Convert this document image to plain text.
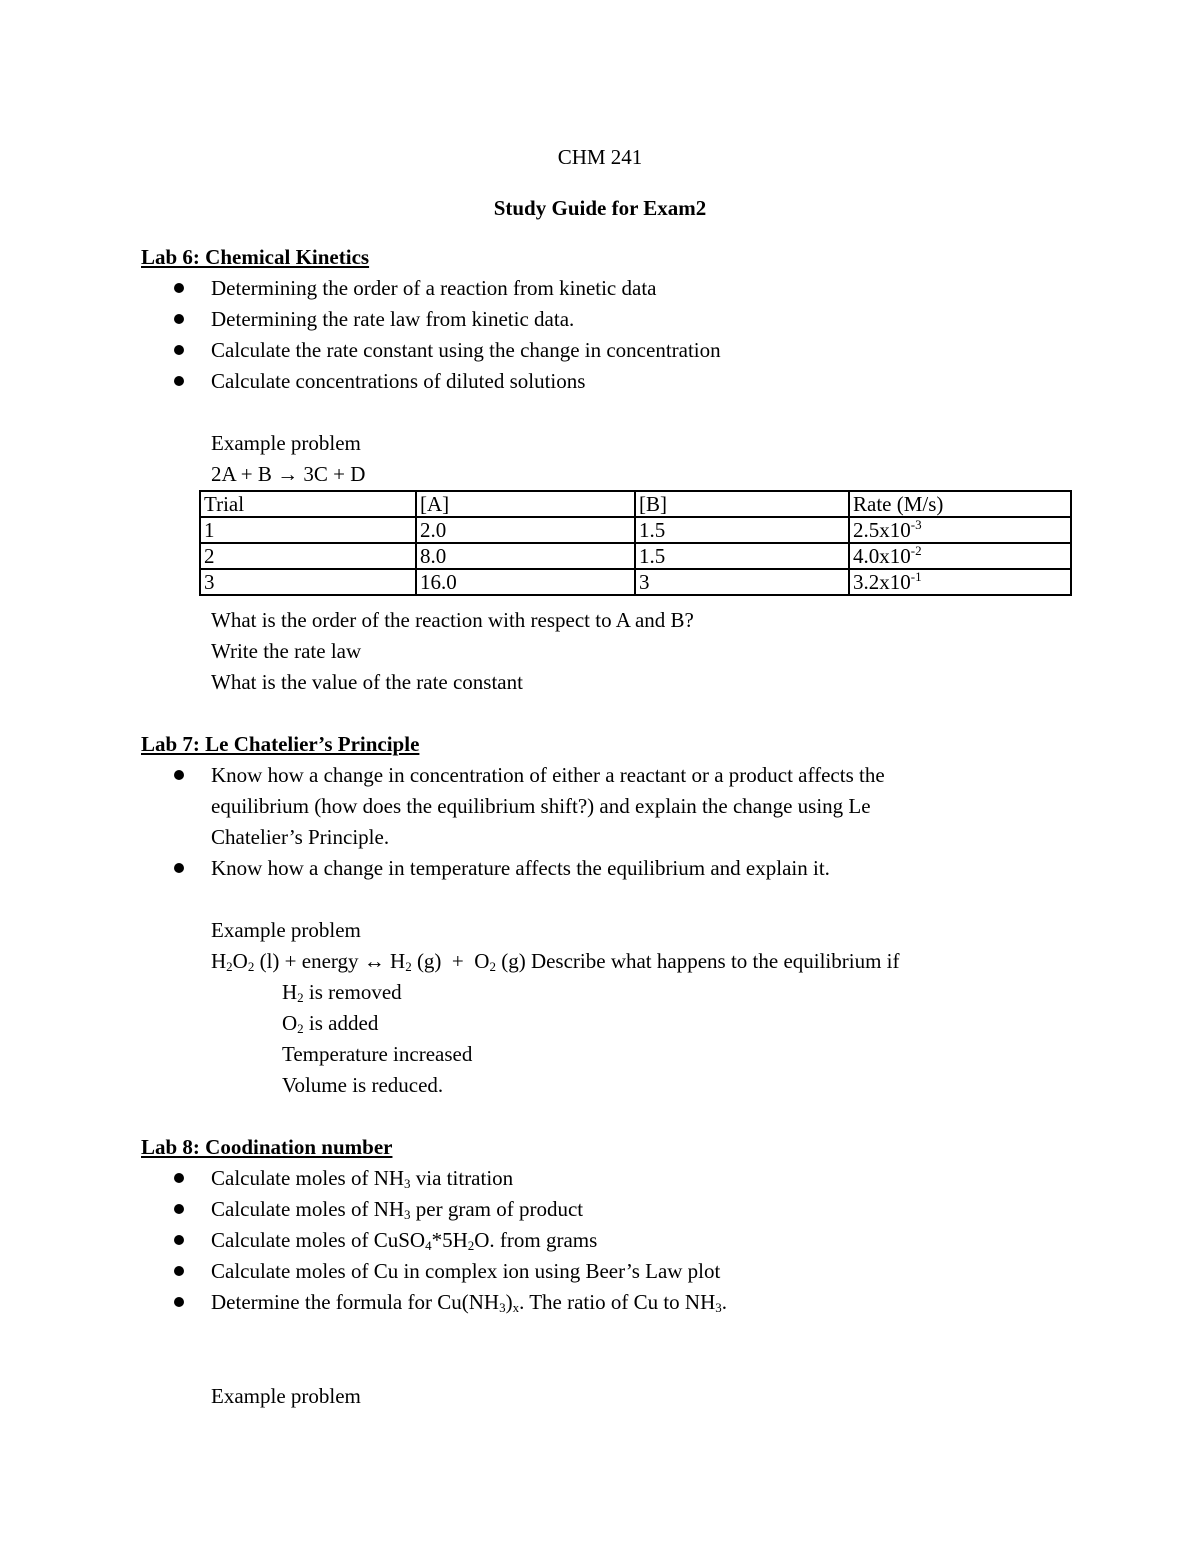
CHM 241
Study Guide for Exam2
Lab 6: Chemical Kinetics
Determining the order of a reaction from kinetic data
Determining the rate law from kinetic data.
Calculate the rate constant using the change in concentration
Calculate concentrations of diluted solutions
Example problem
2A + B → 3C + D
Trial	[A]	[B]	Rate (M/s)
1	2.0	1.5	$2.5x10^{-3}$
2	8.0	1.5	$4.0x10^{-2}$
3	16.0	3	$3.2x10^{-1}$
What is the order of the reaction with respect to A and B?
Write the rate law
What is the value of the rate constant
Lab 7: Le Chatelier’s Principle
Know how a change in concentration of either a reactant or a product affects the
equilibrium (how does the equilibrium shift?) and explain the change using Le
Chatelier’s Principle.
Know how a change in temperature affects the equilibrium and explain it.
Example problem
$H_2O_2$ (l) + energy ↔ $H_2$ $(g) + O_2$ (g) Describe what happens to the equilibrium if
$H_2$ is removed
$O_2$ is added
Temperature increased
Volume is reduced.
Lab 8: Coodination number
Calculate moles of $NH_3$ via titration
Calculate moles of $NH_3$ per gram of product
Calculate moles of $CuSO_4*5H_2O$. from grams
Calculate moles of Cu in complex ion using Beer’s Law plot
Determine the formula for $Cu(NH_3)_x$. The ratio of Cu to $NH_3$.
Example problem
